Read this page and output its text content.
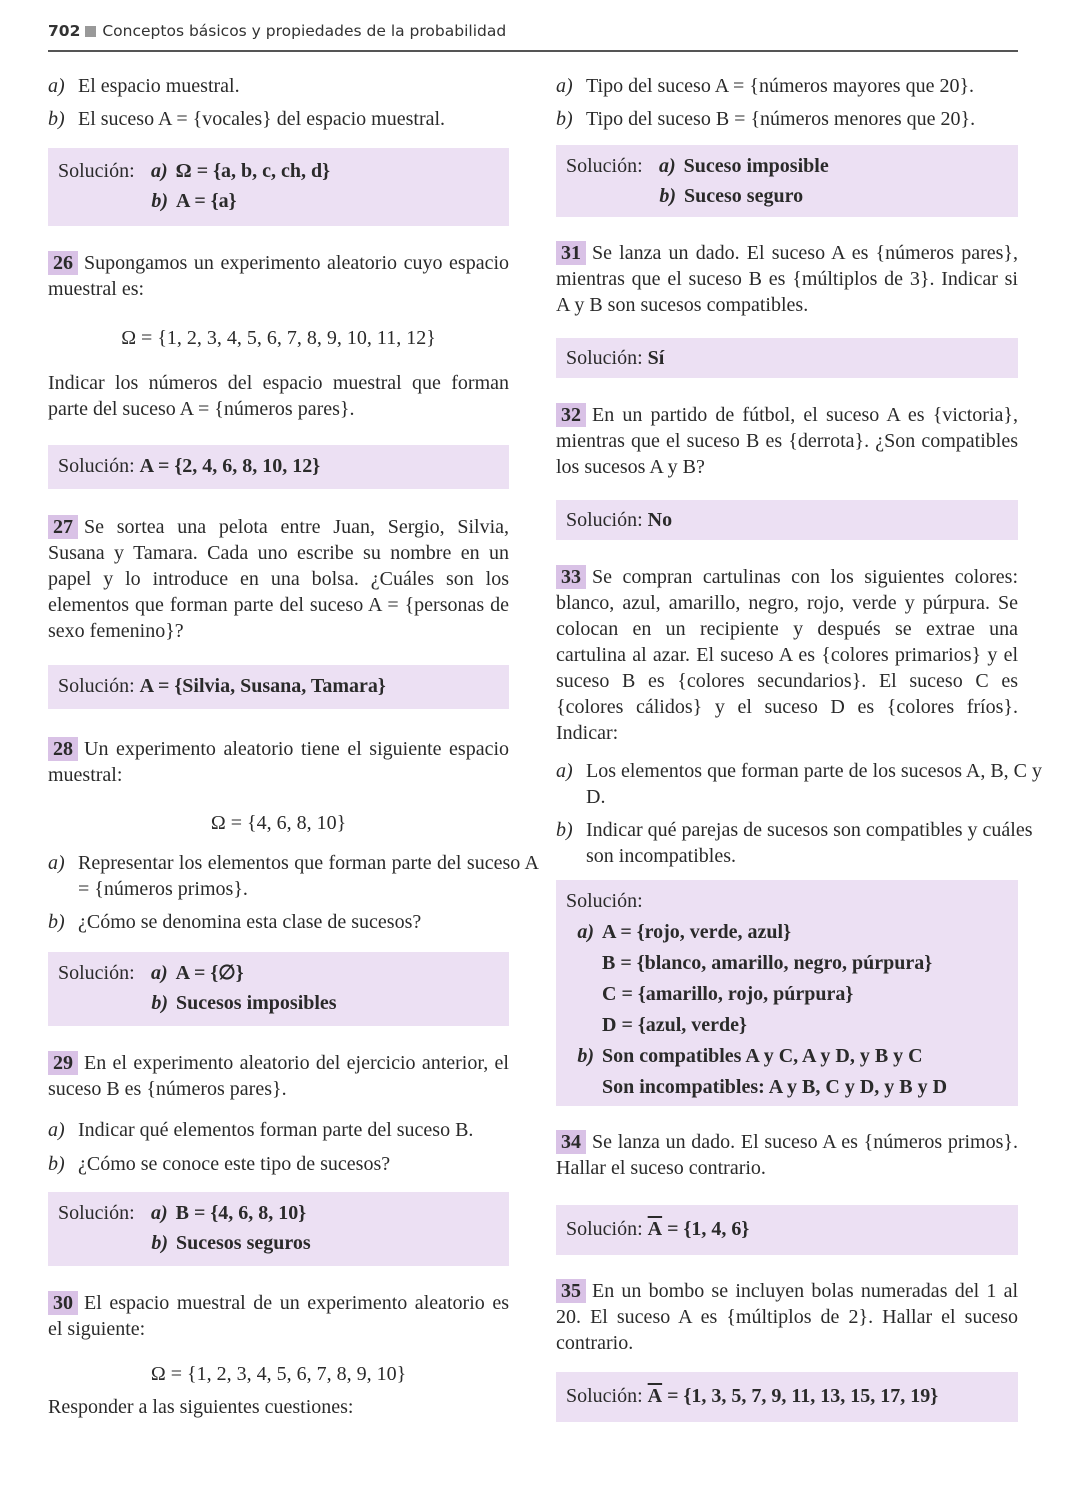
702 Conceptos básicos y propiedades de la probabilidad
a) El espacio muestral.
b) El suceso A = {vocales} del espacio muestral.
Solución: a) Ω = {a, b, c, ch, d}
b) A = {a}
26 Supongamos un experimento aleatorio cuyo espacio muestral es:
Ω = {1, 2, 3, 4, 5, 6, 7, 8, 9, 10, 11, 12}
Indicar los números del espacio muestral que forman parte del suceso A = {números pares}.
Solución: A = {2, 4, 6, 8, 10, 12}
27 Se sortea una pelota entre Juan, Sergio, Silvia, Susana y Tamara. Cada uno escribe su nombre en un papel y lo introduce en una bolsa. ¿Cuáles son los elementos que forman parte del suceso A = {personas de sexo femenino}?
Solución: A = {Silvia, Susana, Tamara}
28 Un experimento aleatorio tiene el siguiente espacio muestral:
Ω = {4, 6, 8, 10}
a) Representar los elementos que forman parte del suceso A = {números primos}.
b) ¿Cómo se denomina esta clase de sucesos?
Solución: a) A = {∅}
b) Sucesos imposibles
29 En el experimento aleatorio del ejercicio anterior, el suceso B es {números pares}.
a) Indicar qué elementos forman parte del suceso B.
b) ¿Cómo se conoce este tipo de sucesos?
Solución: a) B = {4, 6, 8, 10}
b) Sucesos seguros
30 El espacio muestral de un experimento aleatorio es el siguiente:
Ω = {1, 2, 3, 4, 5, 6, 7, 8, 9, 10}
Responder a las siguientes cuestiones:
a) Tipo del suceso A = {números mayores que 20}.
b) Tipo del suceso B = {números menores que 20}.
Solución: a) Suceso imposible
b) Suceso seguro
31 Se lanza un dado. El suceso A es {números pares}, mientras que el suceso B es {múltiplos de 3}. Indicar si A y B son sucesos compatibles.
Solución: Sí
32 En un partido de fútbol, el suceso A es {victoria}, mientras que el suceso B es {derrota}. ¿Son compatibles los sucesos A y B?
Solución: No
33 Se compran cartulinas con los siguientes colores: blanco, azul, amarillo, negro, rojo, verde y púrpura. Se colocan en un recipiente y después se extrae una cartulina al azar. El suceso A es {colores primarios} y el suceso B es {colores secundarios}. El suceso C es {colores cálidos} y el suceso D es {colores fríos}. Indicar:
a) Los elementos que forman parte de los sucesos A, B, C y D.
b) Indicar qué parejas de sucesos son compatibles y cuáles son incompatibles.
Solución:
a) A = {rojo, verde, azul}
B = {blanco, amarillo, negro, púrpura}
C = {amarillo, rojo, púrpura}
D = {azul, verde}
b) Son compatibles A y C, A y D, y B y C
Son incompatibles: A y B, C y D, y B y D
34 Se lanza un dado. El suceso A es {números primos}. Hallar el suceso contrario.
Solución: $\overline{A} = \{1$, 4, 6}
35 En un bombo se incluyen bolas numeradas del 1 al 20. El suceso A es {múltiplos de 2}. Hallar el suceso contrario.
Solución: $\overline{A} = \{1$, 3, 5, 7, 9, 11, 13, 15, 17, 19}
